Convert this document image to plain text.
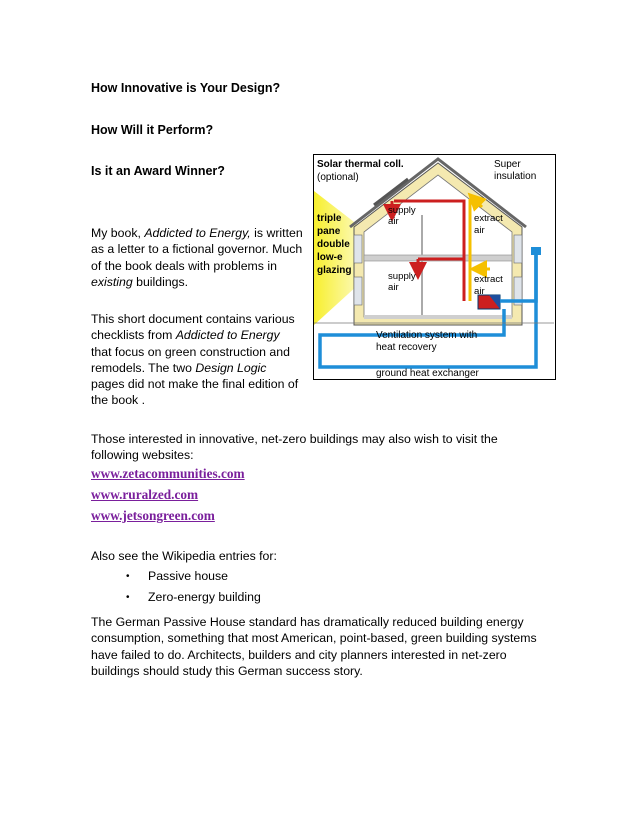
How Innovative is Your Design?
How Will it Perform?
Is it an Award Winner?
My book, Addicted to Energy, is written as a letter to a fictional governor. Much of the book deals with problems in existing buildings.
This short document contains various checklists from Addicted to Energy that focus on green construction and remodels. The two Design Logic pages did not make the final edition of the book .
Solar thermal coll.
(optional)
Super
insulation
triple
pane
double
low-e
glazing
supply
air
supply
air
extract
air
extract
air
Ventilation system with
heat recovery
ground heat exchanger
Those interested in innovative, net-zero buildings may also wish to visit the following websites:
www.zetacommunities.com
www.ruralzed.com
www.jetsongreen.com
Also see the Wikipedia entries for:
• Passive house
• Zero-energy building
The German Passive House standard has dramatically reduced building energy consumption, something that most American, point-based, green building systems have failed to do. Architects, builders and city planners interested in net-zero buildings should study this German success story.
